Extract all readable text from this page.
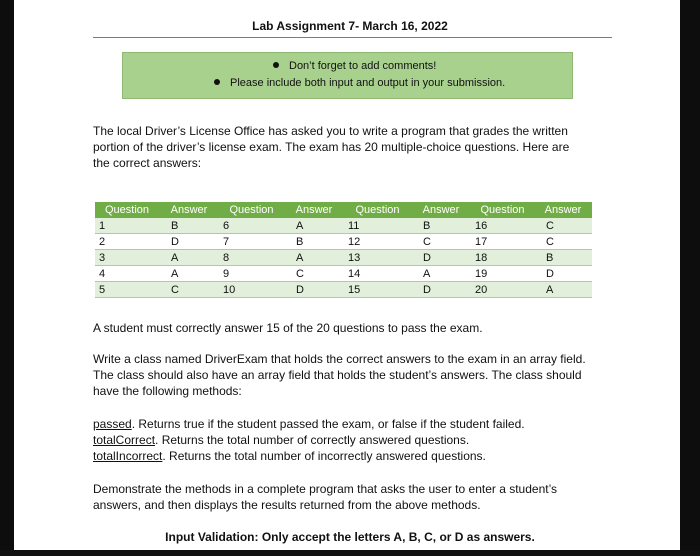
Lab Assignment 7- March 16, 2022
Don’t forget to add comments!
Please include both input and output in your submission.
The local Driver’s License Office has asked you to write a program that grades the written portion of the driver’s license exam. The exam has 20 multiple-choice questions. Here are the correct answers:
Question	Answer	Question	Answer	Question	Answer	Question	Answer
1	B	6	A	11	B	16	C
2	D	7	B	12	C	17	C
3	A	8	A	13	D	18	B
4	A	9	C	14	A	19	D
5	C	10	D	15	D	20	A
A student must correctly answer 15 of the 20 questions to pass the exam.
Write a class named DriverExam that holds the correct answers to the exam in an array field. The class should also have an array field that holds the student’s answers. The class should have the following methods:
passed. Returns true if the student passed the exam, or false if the student failed.
totalCorrect. Returns the total number of correctly answered questions.
totalIncorrect. Returns the total number of incorrectly answered questions.
Demonstrate the methods in a complete program that asks the user to enter a student’s answers, and then displays the results returned from the above methods.
Input Validation: Only accept the letters A, B, C, or D as answers.
